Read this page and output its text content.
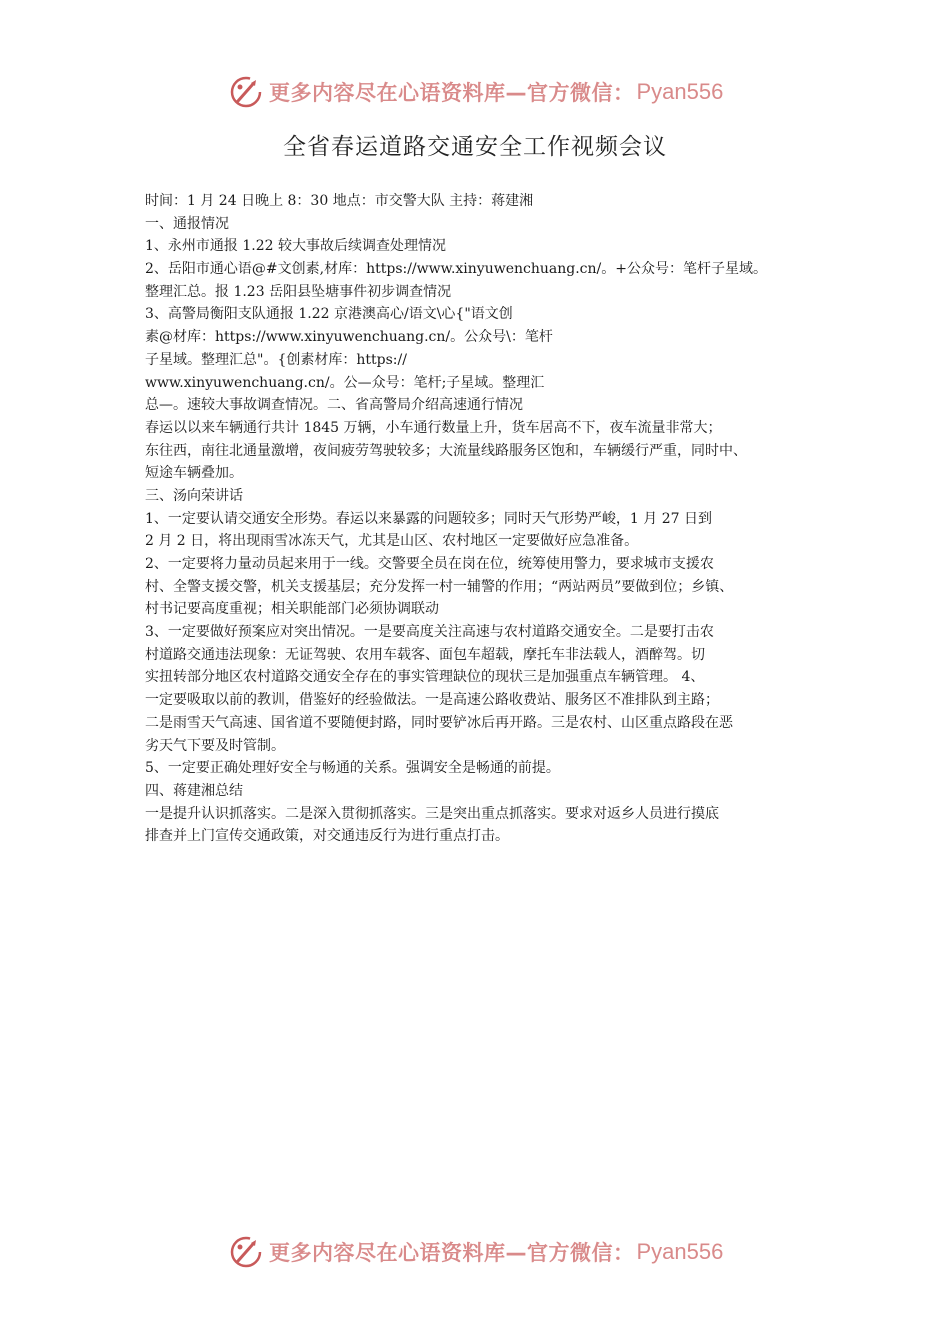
更多内容尽在心语资料库—官方微信： Pyan556
全省春运道路交通安全工作视频会议
时间：1 月 24 日晚上 8：30 地点：市交警大队 主持：蒋建湘
一、通报情况
1、永州市通报 1.22 较大事故后续调查处理情况
2、岳阳市通心语@#文创素,材库：https://www.xinyuwenchuang.cn/。+公众号：笔杆子星域。
整理汇总。报 1.23 岳阳县坠塘事件初步调查情况
3、高警局衡阳支队通报 1.22 京港澳高心/语文\心{"语文创
素@材库：https://www.xinyuwenchuang.cn/。公众号\：笔杆
子星域。整理汇总"。{创素材库：https://
www.xinyuwenchuang.cn/。公—众号：笔杆;子星域。整理汇
总—。速较大事故调查情况。二、省高警局介绍高速通行情况
春运以以来车辆通行共计 1845 万辆，小车通行数量上升，货车居高不下，夜车流量非常大；
东往西，南往北通量激增，夜间疲劳驾驶较多；大流量线路服务区饱和，车辆缓行严重，同时中、
短途车辆叠加。
三、汤向荣讲话
1、一定要认请交通安全形势。春运以来暴露的问题较多；同时天气形势严峻，1 月 27 日到
2 月 2 日，将出现雨雪冰冻天气，尤其是山区、农村地区一定要做好应急准备。
2、一定要将力量动员起来用于一线。交警要全员在岗在位，统筹使用警力，要求城市支援农
村、全警支援交警，机关支援基层；充分发挥一村一辅警的作用；“两站两员”要做到位；乡镇、
村书记要高度重视；相关职能部门必须协调联动
3、一定要做好预案应对突出情况。一是要高度关注高速与农村道路交通安全。二是要打击农
村道路交通违法现象：无证驾驶、农用车载客、面包车超载，摩托车非法载人，酒醉驾。切
实扭转部分地区农村道路交通安全存在的事实管理缺位的现状三是加强重点车辆管理。 4、
一定要吸取以前的教训，借鉴好的经验做法。一是高速公路收费站、服务区不准排队到主路；
二是雨雪天气高速、国省道不要随便封路，同时要铲冰后再开路。三是农村、山区重点路段在恶
劣天气下要及时管制。
5、一定要正确处理好安全与畅通的关系。强调安全是畅通的前提。
四、蒋建湘总结
一是提升认识抓落实。二是深入贯彻抓落实。三是突出重点抓落实。要求对返乡人员进行摸底
排查并上门宣传交通政策，对交通违反行为进行重点打击。
更多内容尽在心语资料库—官方微信： Pyan556
